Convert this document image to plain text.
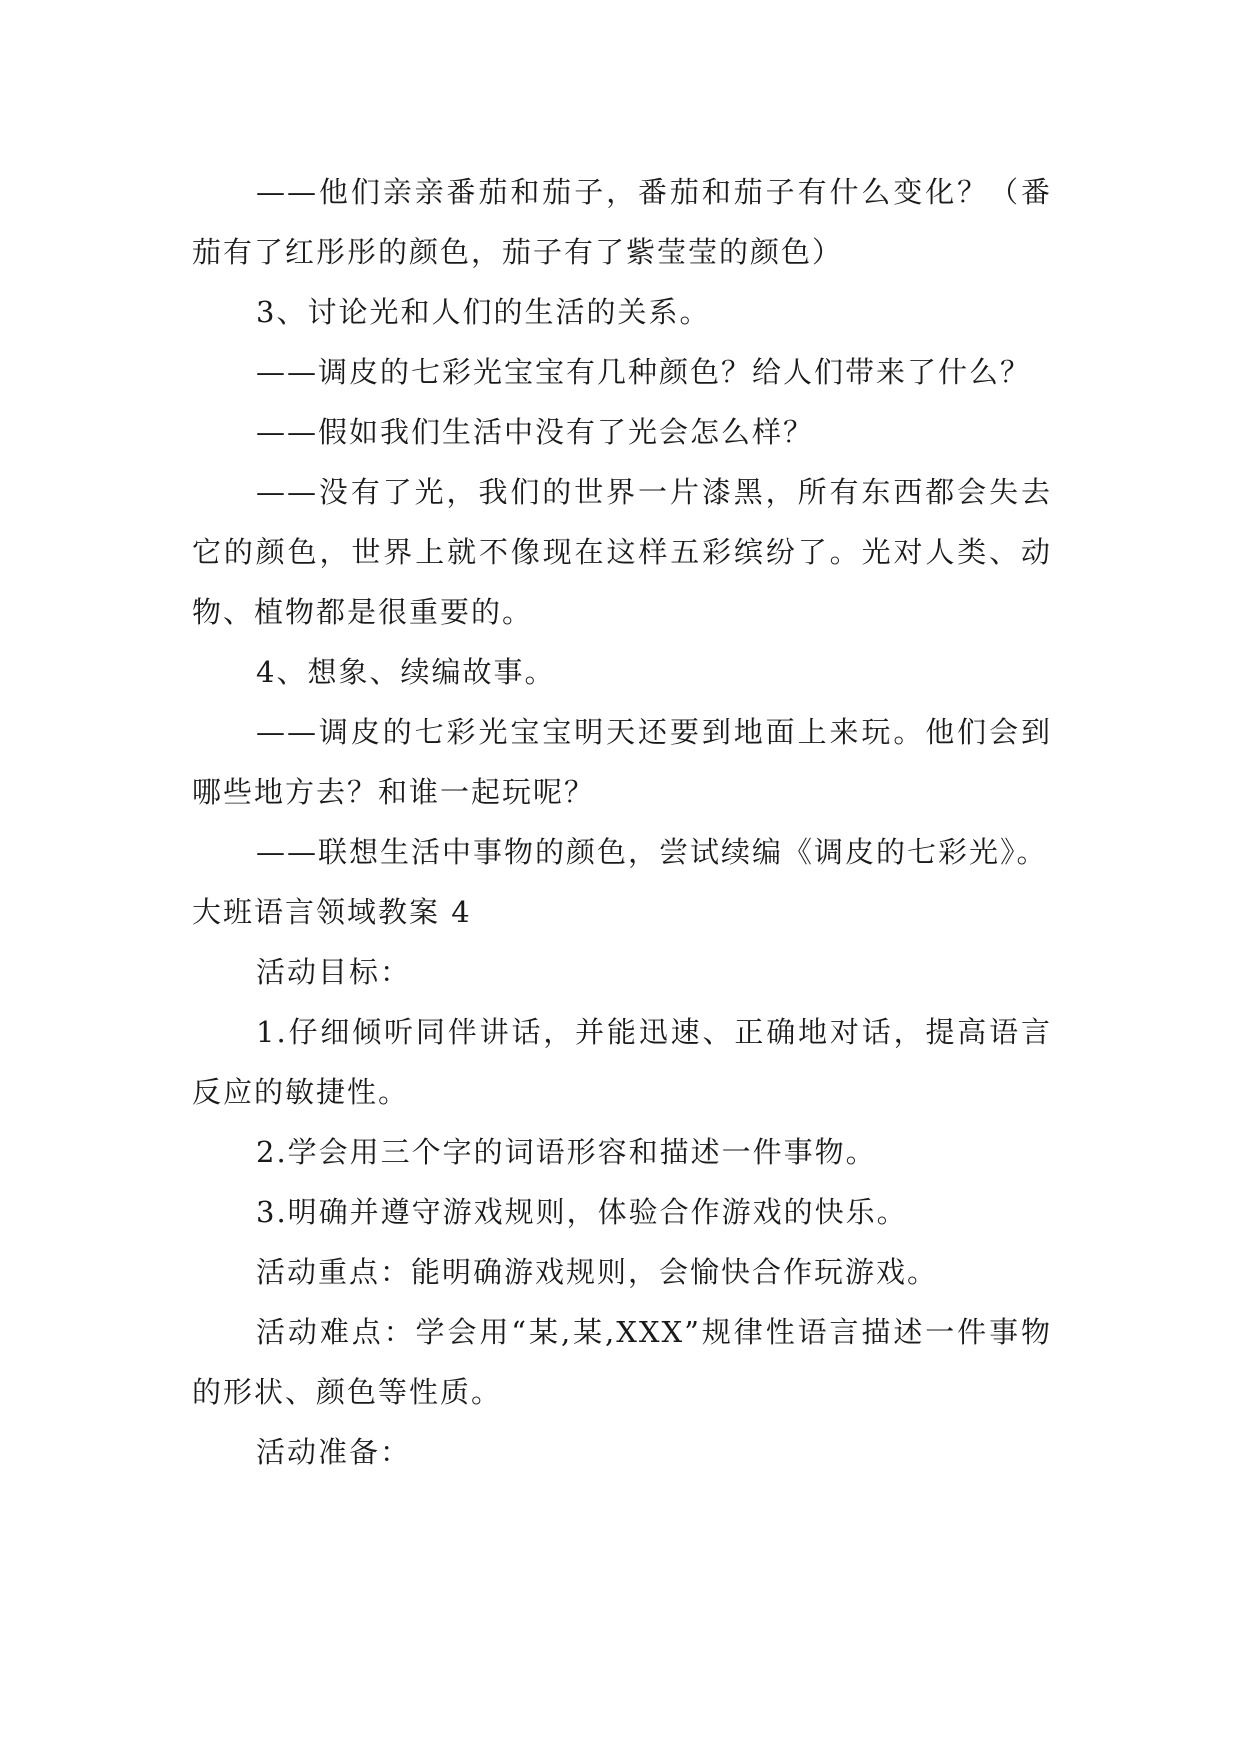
——他们亲亲番茄和茄子，番茄和茄子有什么变化？（番茄有了红彤彤的颜色，茄子有了紫莹莹的颜色）

3、讨论光和人们的生活的关系。

——调皮的七彩光宝宝有几种颜色？给人们带来了什么？

——假如我们生活中没有了光会怎么样？

——没有了光，我们的世界一片漆黑，所有东西都会失去它的颜色，世界上就不像现在这样五彩缤纷了。光对人类、动物、植物都是很重要的。

4、想象、续编故事。

——调皮的七彩光宝宝明天还要到地面上来玩。他们会到哪些地方去？和谁一起玩呢？

——联想生活中事物的颜色，尝试续编《调皮的七彩光》。

大班语言领域教案 4

活动目标：

1.仔细倾听同伴讲话，并能迅速、正确地对话，提高语言反应的敏捷性。

2.学会用三个字的词语形容和描述一件事物。

3.明确并遵守游戏规则，体验合作游戏的快乐。

活动重点：能明确游戏规则，会愉快合作玩游戏。

活动难点：学会用“某,某,XXX”规律性语言描述一件事物的形状、颜色等性质。

活动准备：
